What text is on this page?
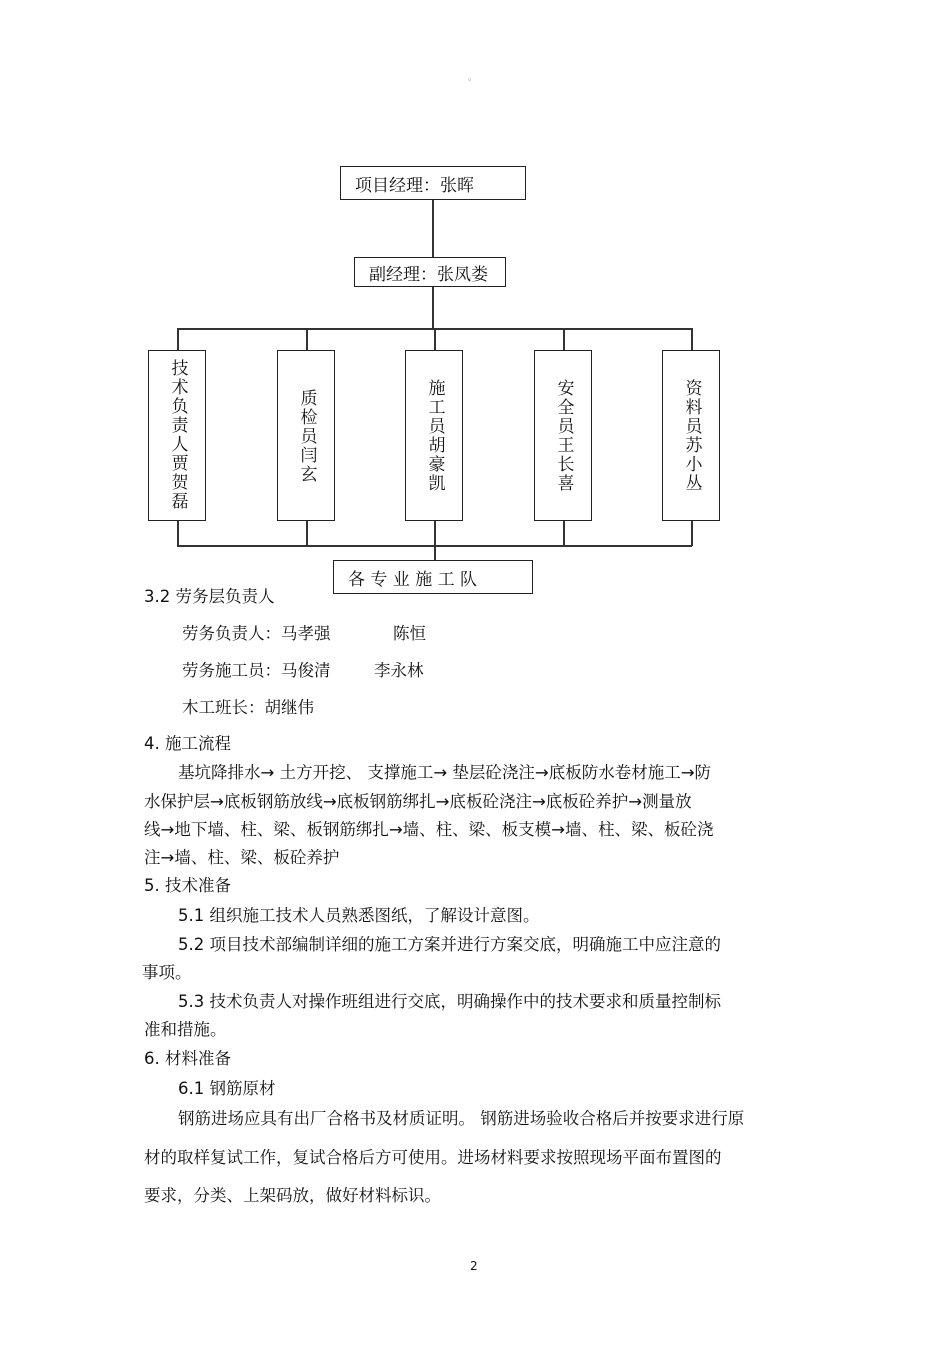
。
项目经理：张晖
副经理：张凤娄
技术负责人贾贺磊	质检员闫玄	施工员胡豪凯	安全员王长喜	资料员苏小丛
各 专 业 施 工 队
3.2 劳务层负责人
劳务负责人：马孝强	陈恒
劳务施工员：马俊清	李永林
木工班长：胡继伟
4. 施工流程
基坑降排水→ 土方开挖、 支撑施工→ 垫层砼浇注→底板防水卷材施工→防
水保护层→底板钢筋放线→底板钢筋绑扎→底板砼浇注→底板砼养护→测量放
线→地下墙、柱、梁、板钢筋绑扎→墙、柱、梁、板支模→墙、柱、梁、板砼浇
注→墙、柱、梁、板砼养护
5. 技术准备
5.1 组织施工技术人员熟悉图纸，了解设计意图。
5.2 项目技术部编制详细的施工方案并进行方案交底，明确施工中应注意的
事项。
5.3 技术负责人对操作班组进行交底，明确操作中的技术要求和质量控制标
准和措施。
6. 材料准备
6.1 钢筋原材
钢筋进场应具有出厂合格书及材质证明。 钢筋进场验收合格后并按要求进行原
材的取样复试工作，复试合格后方可使用。进场材料要求按照现场平面布置图的
要求，分类、上架码放，做好材料标识。
2
